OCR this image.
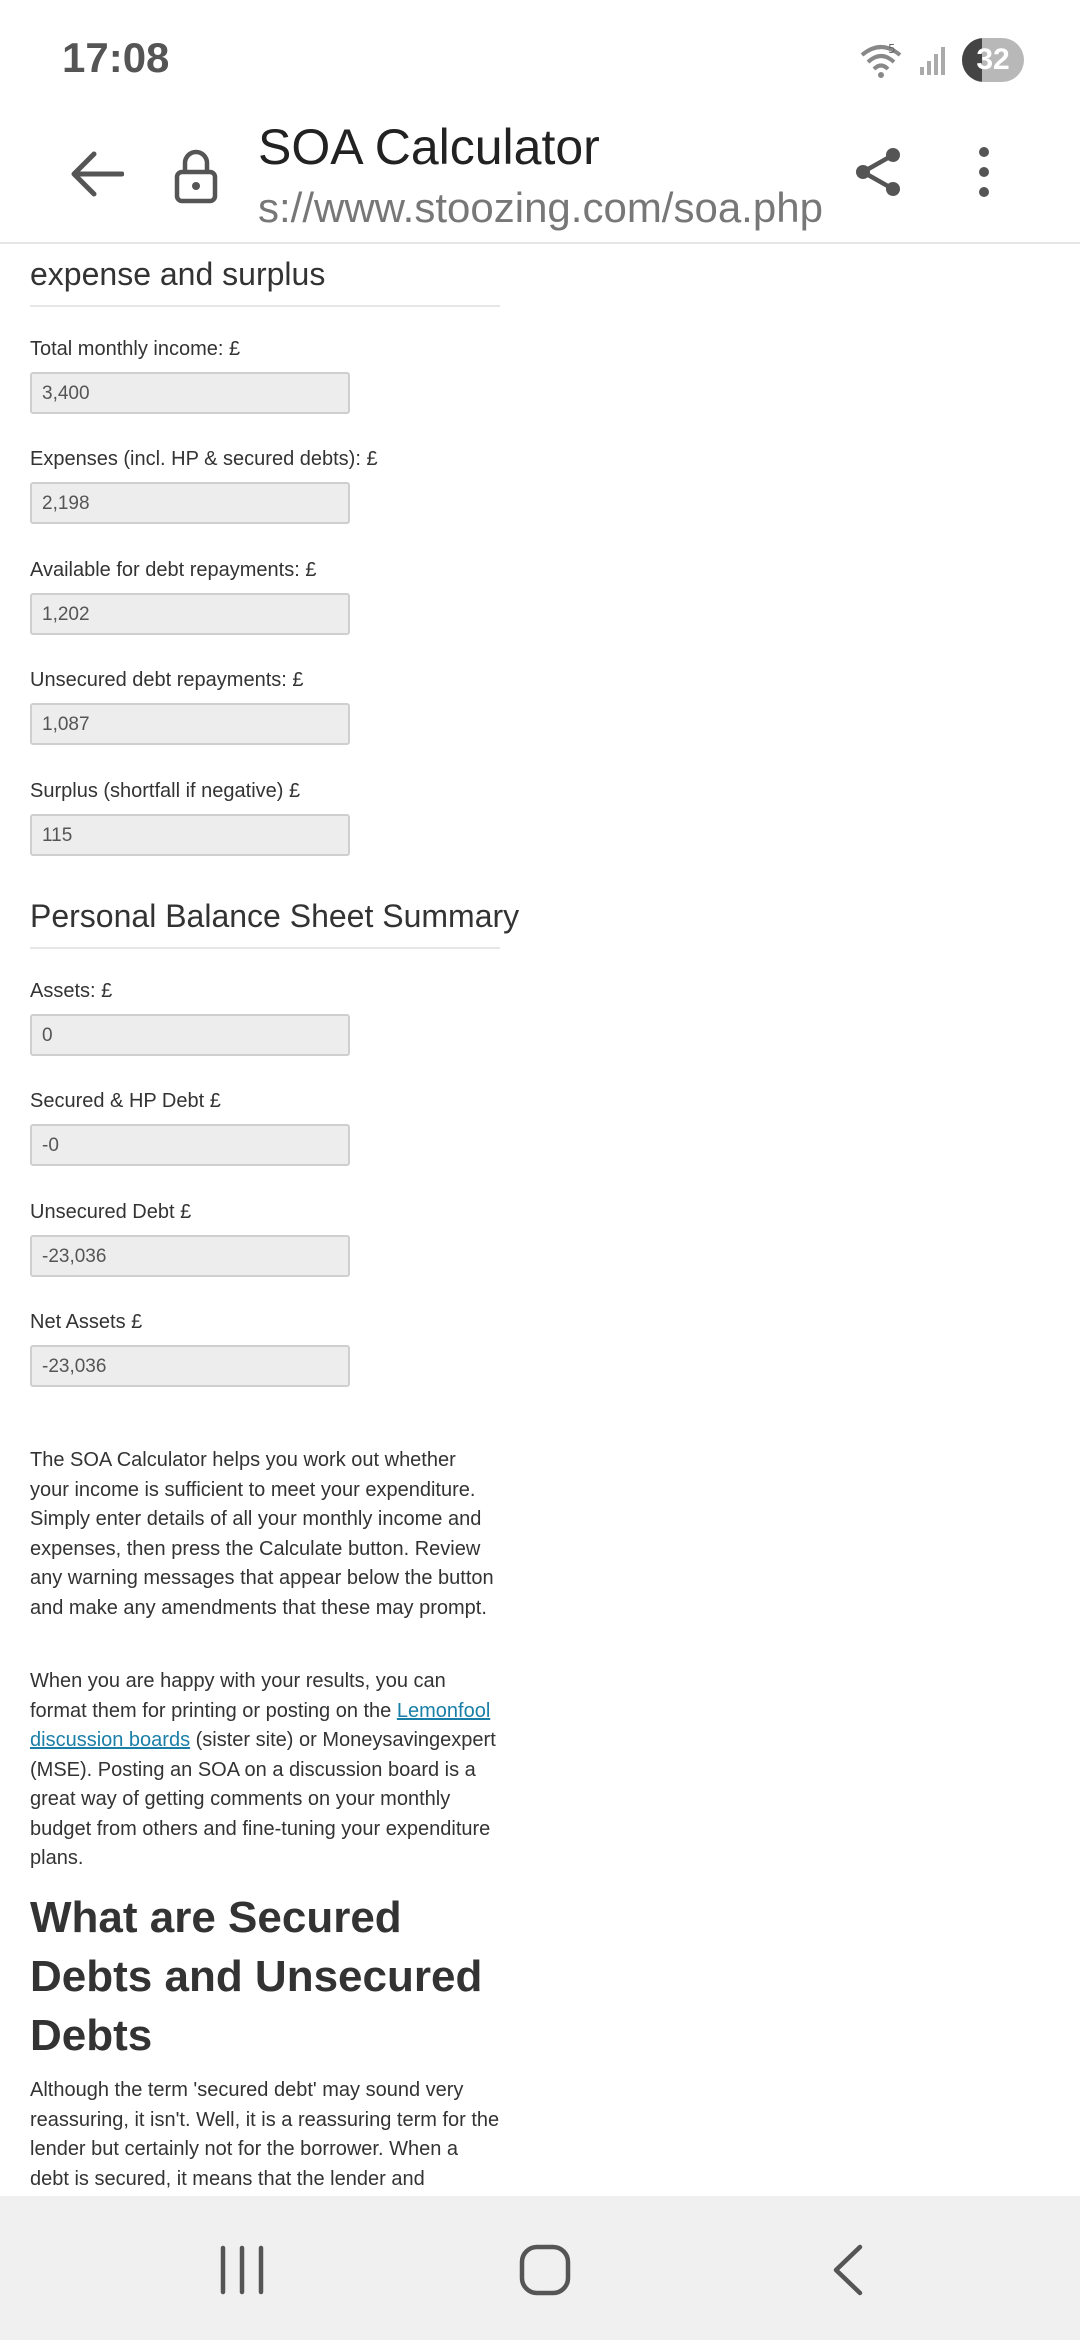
17:08	5	32
SOA Calculator
s://www.stoozing.com/soa.php
expense and surplus
Total monthly income: £
3,400
Expenses (incl. HP & secured debts): £
2,198
Available for debt repayments: £
1,202
Unsecured debt repayments: £
1,087
Surplus (shortfall if negative) £
115
Personal Balance Sheet Summary
Assets: £
0
Secured & HP Debt £
-0
Unsecured Debt £
-23,036
Net Assets £
-23,036
The SOA Calculator helps you work out whether your income is sufficient to meet your expenditure. Simply enter details of all your monthly income and expenses, then press the Calculate button. Review any warning messages that appear below the button and make any amendments that these may prompt.
When you are happy with your results, you can format them for printing or posting on the Lemonfool discussion boards (sister site) or Moneysavingexpert (MSE). Posting an SOA on a discussion board is a great way of getting comments on your monthly budget from others and fine-tuning your expenditure plans.
What are Secured Debts and Unsecured Debts
Although the term 'secured debt' may sound very reassuring, it isn't. Well, it is a reassuring term for the lender but certainly not for the borrower. When a debt is secured, it means that the lender and
